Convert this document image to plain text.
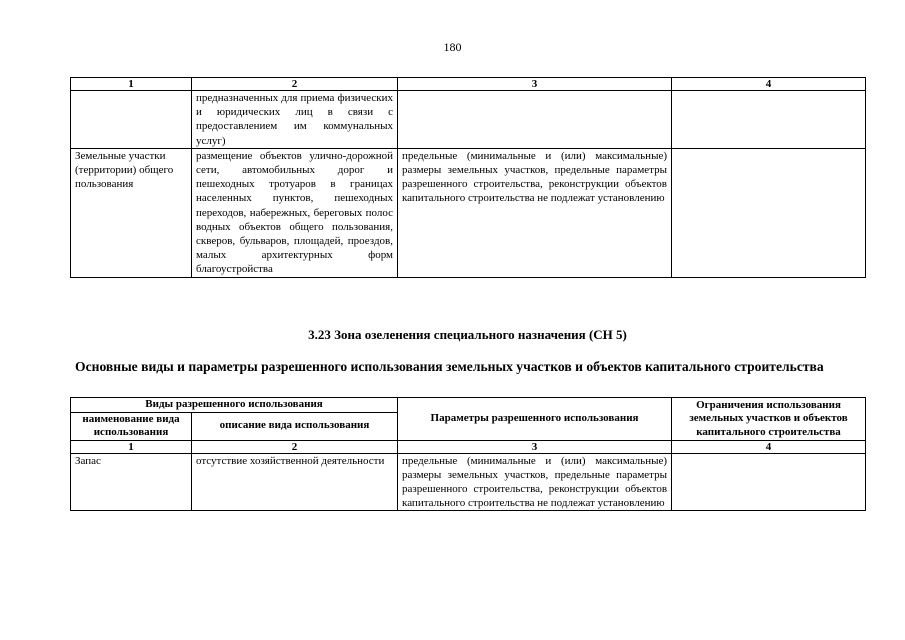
180
1	2	3	4
	предназначенных для приема физических и юридических лиц в связи с предоставлением им коммунальных услуг)		
Земельные участки (территории) общего пользования	размещение объектов улично-дорожной сети, автомобильных дорог и пешеходных тротуаров в границах населенных пунктов, пешеходных переходов, набережных, береговых полос водных объектов общего пользования, скверов, бульваров, площадей, проездов, малых архитектурных форм благоустройства	предельные (минимальные и (или) максимальные) размеры земельных участков, предельные параметры разрешенного строительства, реконструкции объектов капитального строительства не подлежат установлению	
3.23 Зона озеленения специального назначения (СН 5)
Основные виды и параметры разрешенного использования земельных участков и объектов капитального строительства
Виды разрешенного использования		Параметры разрешенного использования	Ограничения использования земельных участков и объектов капитального строительства
наименование вида использования	описание вида использования		
1	2	3	4
Запас	отсутствие хозяйственной деятельности	предельные (минимальные и (или) максимальные) размеры земельных участков, предельные параметры разрешенного строительства, реконструкции объектов капитального строительства не подлежат установлению	
